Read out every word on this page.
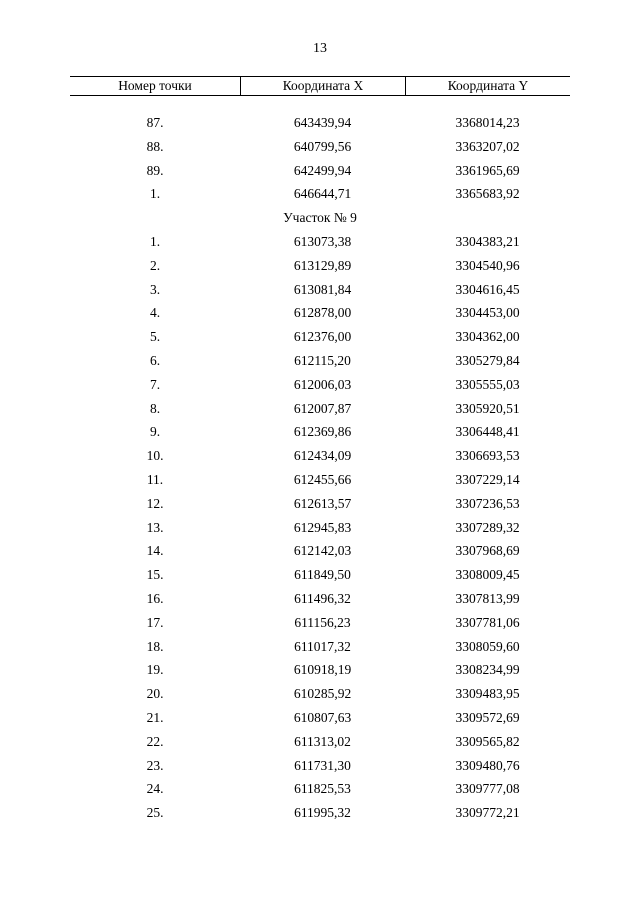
13
Номер точки	Координата X	Координата Y
87.	643439,94	3368014,23
88.	640799,56	3363207,02
89.	642499,94	3361965,69
1.	646644,71	3365683,92
Участок № 9
1.	613073,38	3304383,21
2.	613129,89	3304540,96
3.	613081,84	3304616,45
4.	612878,00	3304453,00
5.	612376,00	3304362,00
6.	612115,20	3305279,84
7.	612006,03	3305555,03
8.	612007,87	3305920,51
9.	612369,86	3306448,41
10.	612434,09	3306693,53
11.	612455,66	3307229,14
12.	612613,57	3307236,53
13.	612945,83	3307289,32
14.	612142,03	3307968,69
15.	611849,50	3308009,45
16.	611496,32	3307813,99
17.	611156,23	3307781,06
18.	611017,32	3308059,60
19.	610918,19	3308234,99
20.	610285,92	3309483,95
21.	610807,63	3309572,69
22.	611313,02	3309565,82
23.	611731,30	3309480,76
24.	611825,53	3309777,08
25.	611995,32	3309772,21
